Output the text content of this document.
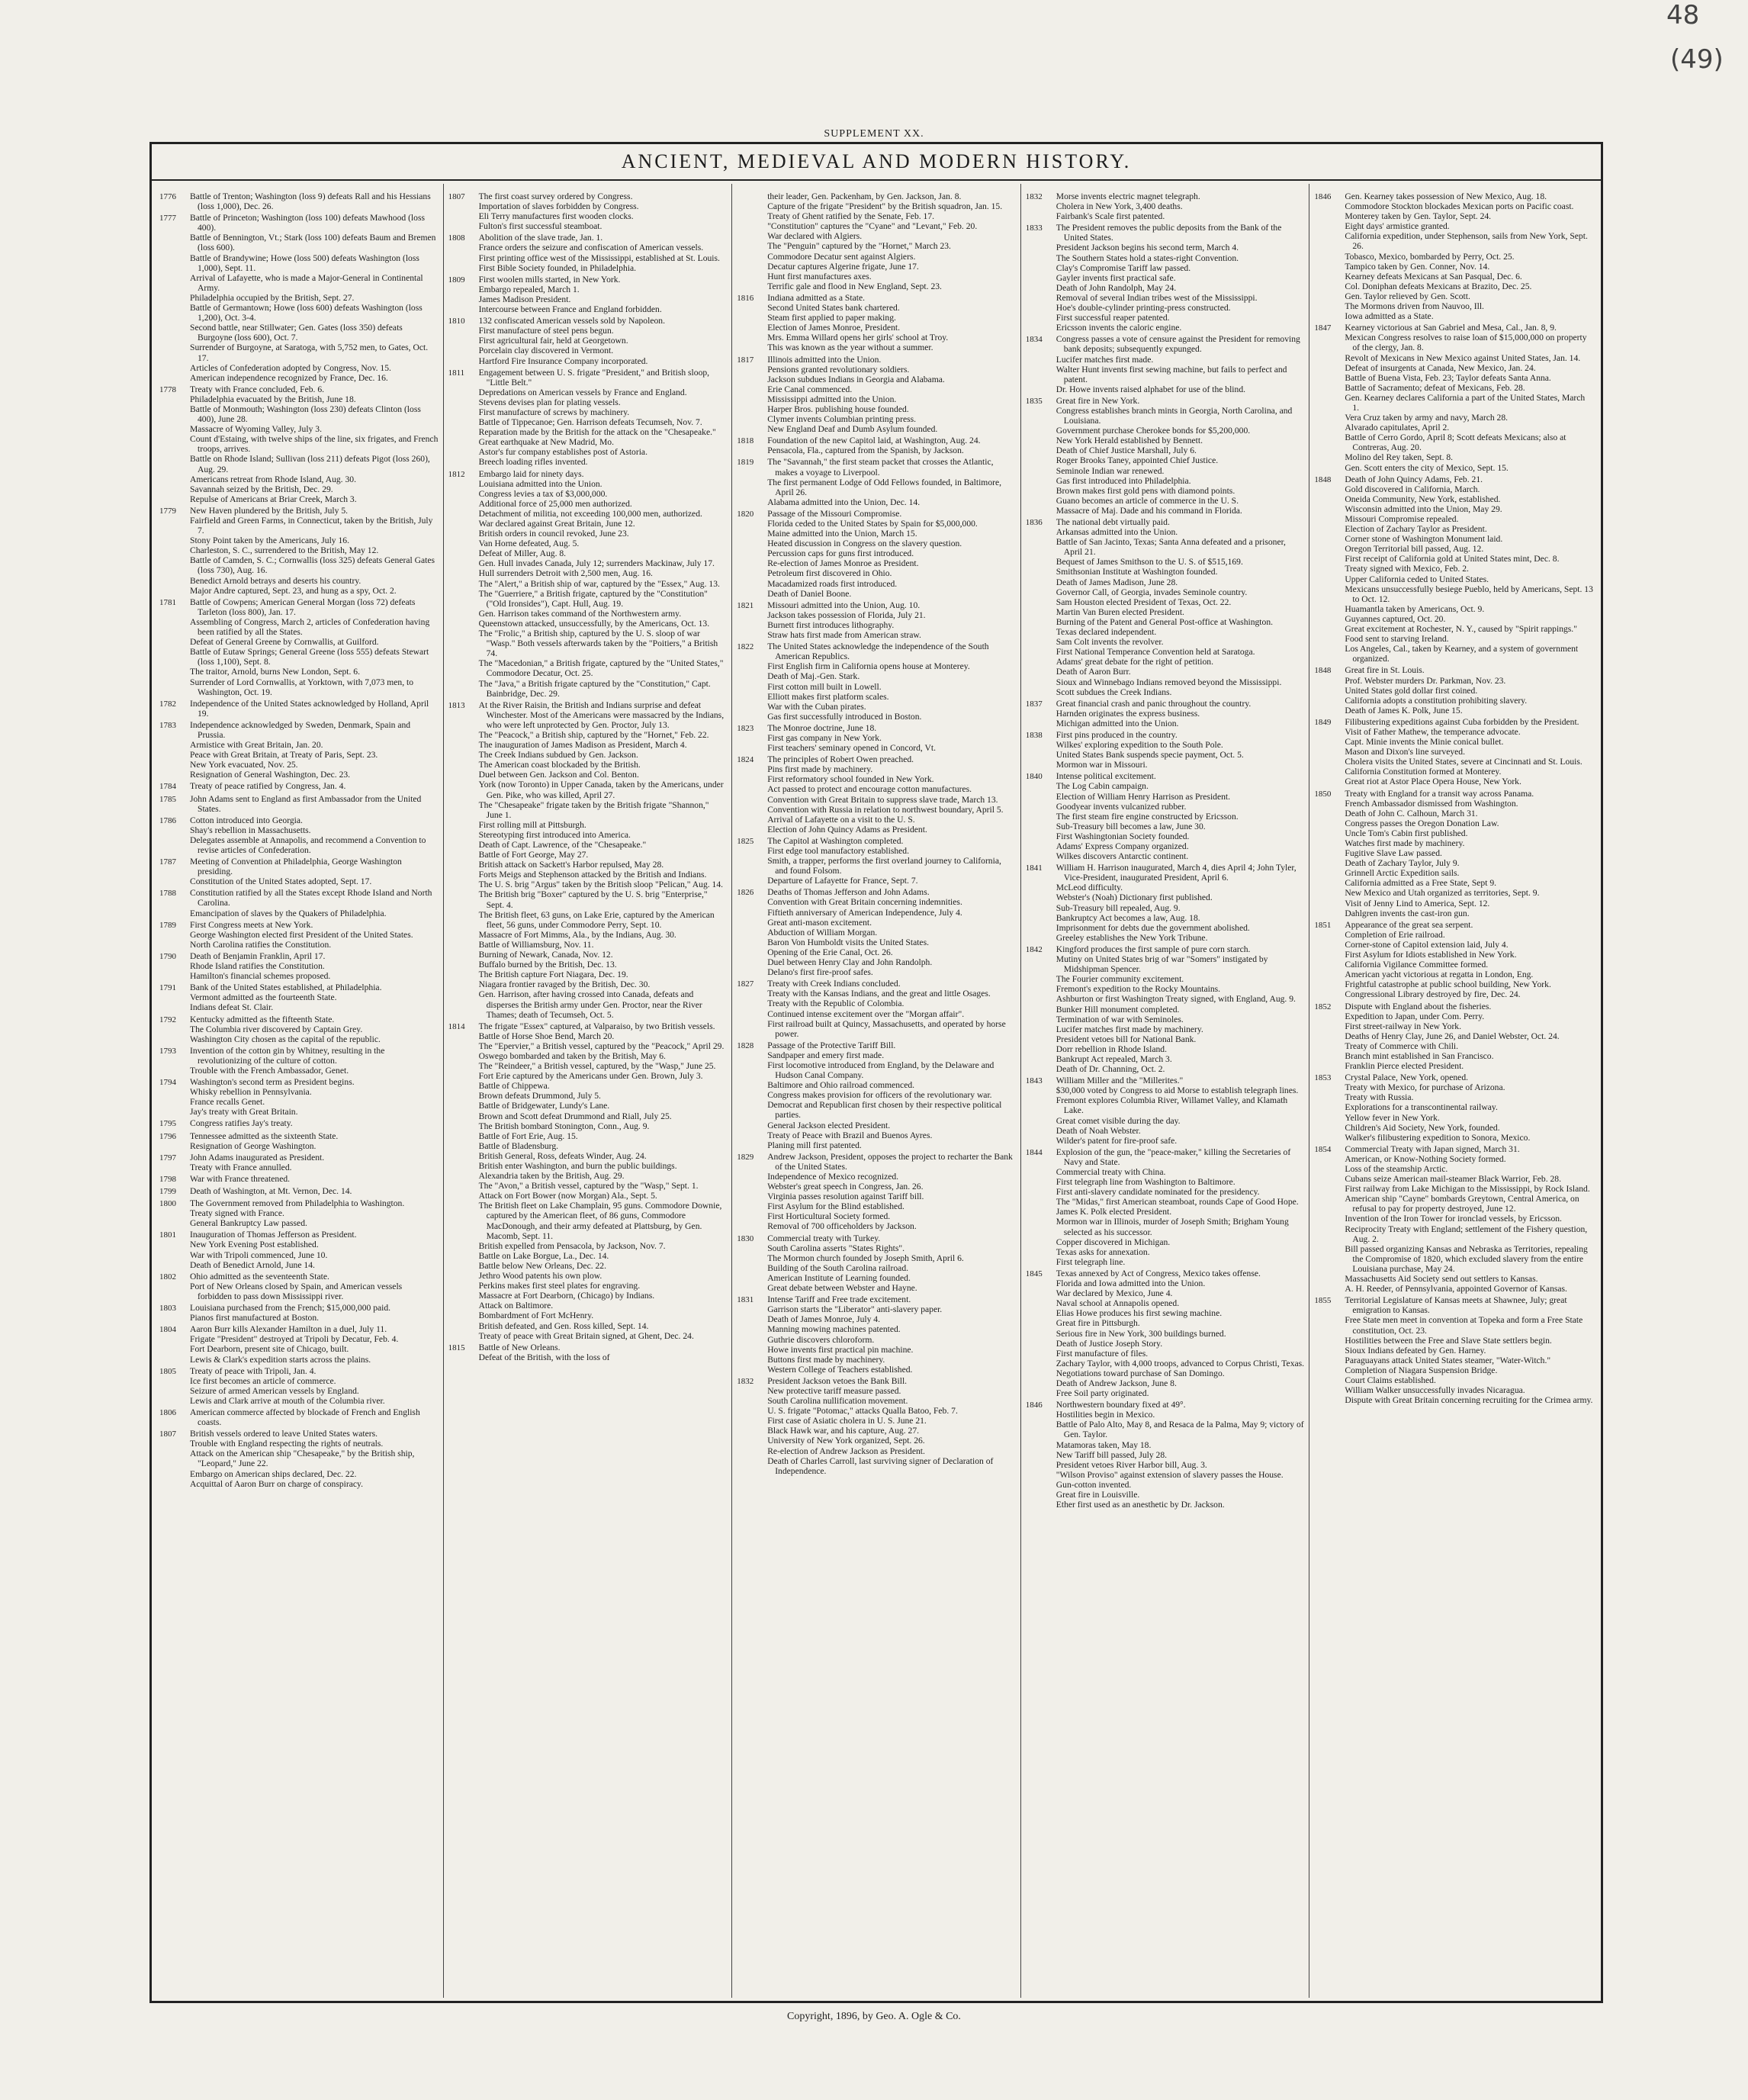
48
(49)
SUPPLEMENT XX.
ANCIENT, MEDIEVAL AND MODERN HISTORY.
1776	Battle of Trenton; Washington (loss 9) defeats Rall and his Hessians (loss 1,000), Dec. 26.

1777	Battle of Princeton; Washington (loss 100) defeats Mawhood (loss 400).

Battle of Bennington, Vt.; Stark (loss 100) defeats Baum and Bremen (loss 600).

Battle of Brandywine; Howe (loss 500) defeats Washington (loss 1,000), Sept. 11.

Arrival of Lafayette, who is made a Major-General in Continental Army.

Philadelphia occupied by the British, Sept. 27.

Battle of Germantown; Howe (loss 600) defeats Washington (loss 1,200), Oct. 3-4.

Second battle, near Stillwater; Gen. Gates (loss 350) defeats Burgoyne (loss 600), Oct. 7.

Surrender of Burgoyne, at Saratoga, with 5,752 men, to Gates, Oct. 17.

Articles of Confederation adopted by Congress, Nov. 15.

American independence recognized by France, Dec. 16.

1778	Treaty with France concluded, Feb. 6.

Philadelphia evacuated by the British, June 18.

Battle of Monmouth; Washington (loss 230) defeats Clinton (loss 400), June 28.

Massacre of Wyoming Valley, July 3.

Count d'Estaing, with twelve ships of the line, six frigates, and French troops, arrives.

Battle on Rhode Island; Sullivan (loss 211) defeats Pigot (loss 260), Aug. 29.

Americans retreat from Rhode Island, Aug. 30.

Savannah seized by the British, Dec. 29.

Repulse of Americans at Briar Creek, March 3.

1779	New Haven plundered by the British, July 5.

Fairfield and Green Farms, in Connecticut, taken by the British, July 7.

Stony Point taken by the Americans, July 16.

Charleston, S. C., surrendered to the British, May 12.

Battle of Camden, S. C.; Cornwallis (loss 325) defeats General Gates (loss 730), Aug. 16.

Benedict Arnold betrays and deserts his country.

Major Andre captured, Sept. 23, and hung as a spy, Oct. 2.

1781	Battle of Cowpens; American General Morgan (loss 72) defeats Tarleton (loss 800), Jan. 17.

Assembling of Congress, March 2, articles of Confederation having been ratified by all the States.

Defeat of General Greene by Cornwallis, at Guilford.

Battle of Eutaw Springs; General Greene (loss 555) defeats Stewart (loss 1,100), Sept. 8.

The traitor, Arnold, burns New London, Sept. 6.

Surrender of Lord Cornwallis, at Yorktown, with 7,073 men, to Washington, Oct. 19.

1782	Independence of the United States acknowledged by Holland, April 19.

1783	Independence acknowledged by Sweden, Denmark, Spain and Prussia.

Armistice with Great Britain, Jan. 20.

Peace with Great Britain, at Treaty of Paris, Sept. 23.

New York evacuated, Nov. 25.

Resignation of General Washington, Dec. 23.

1784	Treaty of peace ratified by Congress, Jan. 4.

1785	John Adams sent to England as first Ambassador from the United States.

1786	Cotton introduced into Georgia.

Shay's rebellion in Massachusetts.

Delegates assemble at Annapolis, and recommend a Convention to revise articles of Confederation.

1787	Meeting of Convention at Philadelphia, George Washington presiding.

Constitution of the United States adopted, Sept. 17.

1788	Constitution ratified by all the States except Rhode Island and North Carolina.

Emancipation of slaves by the Quakers of Philadelphia.

1789	First Congress meets at New York.

George Washington elected first President of the United States.

North Carolina ratifies the Constitution.

1790	Death of Benjamin Franklin, April 17.

Rhode Island ratifies the Constitution.

Hamilton's financial schemes proposed.

1791	Bank of the United States established, at Philadelphia.

Vermont admitted as the fourteenth State.

Indians defeat St. Clair.

1792	Kentucky admitted as the fifteenth State.

The Columbia river discovered by Captain Grey.

Washington City chosen as the capital of the republic.

1793	Invention of the cotton gin by Whitney, resulting in the revolutionizing of the culture of cotton.

Trouble with the French Ambassador, Genet.

1794	Washington's second term as President begins.

Whisky rebellion in Pennsylvania.

France recalls Genet.

Jay's treaty with Great Britain.

1795	Congress ratifies Jay's treaty.

1796	Tennessee admitted as the sixteenth State.

Resignation of George Washington.

1797	John Adams inaugurated as President.

Treaty with France annulled.

1798	War with France threatened.

1799	Death of Washington, at Mt. Vernon, Dec. 14.

1800	The Government removed from Philadelphia to Washington.

Treaty signed with France.

General Bankruptcy Law passed.

1801	Inauguration of Thomas Jefferson as President.

New York Evening Post established.

War with Tripoli commenced, June 10.

Death of Benedict Arnold, June 14.

1802	Ohio admitted as the seventeenth State.

Port of New Orleans closed by Spain, and American vessels forbidden to pass down Mississippi river.

1803	Louisiana purchased from the French; $15,000,000 paid.

Pianos first manufactured at Boston.

1804	Aaron Burr kills Alexander Hamilton in a duel, July 11.

Frigate "President" destroyed at Tripoli by Decatur, Feb. 4.

Fort Dearborn, present site of Chicago, built.

Lewis & Clark's expedition starts across the plains.

1805	Treaty of peace with Tripoli, Jan. 4.

Ice first becomes an article of commerce.

Seizure of armed American vessels by England.

Lewis and Clark arrive at mouth of the Columbia river.

1806	American commerce affected by blockade of French and English coasts.

1807	British vessels ordered to leave United States waters.

Trouble with England respecting the rights of neutrals.

Attack on the American ship "Chesapeake," by the British ship, "Leopard," June 22.

Embargo on American ships declared, Dec. 22.

Acquittal of Aaron Burr on charge of conspiracy.

1807	The first coast survey ordered by Congress.

Importation of slaves forbidden by Congress.

Eli Terry manufactures first wooden clocks.

Fulton's first successful steamboat.

1808	Abolition of the slave trade, Jan. 1.

France orders the seizure and confiscation of American vessels.

First printing office west of the Mississippi, established at St. Louis.

First Bible Society founded, in Philadelphia.

1809	First woolen mills started, in New York.

Embargo repealed, March 1.

James Madison President.

Intercourse between France and England forbidden.

1810	132 confiscated American vessels sold by Napoleon.

First manufacture of steel pens begun.

First agricultural fair, held at Georgetown.

Porcelain clay discovered in Vermont.

Hartford Fire Insurance Company incorporated.

1811	Engagement between U. S. frigate "President," and British sloop, "Little Belt."

Depredations on American vessels by France and England.

Stevens devises plan for plating vessels.

First manufacture of screws by machinery.

Battle of Tippecanoe; Gen. Harrison defeats Tecumseh, Nov. 7.

Reparation made by the British for the attack on the "Chesapeake."

Great earthquake at New Madrid, Mo.

Astor's fur company establishes post of Astoria.

Breech loading rifles invented.

1812	Embargo laid for ninety days.

Louisiana admitted into the Union.

Congress levies a tax of $3,000,000.

Additional force of 25,000 men authorized.

Detachment of militia, not exceeding 100,000 men, authorized.

War declared against Great Britain, June 12.

British orders in council revoked, June 23.

Van Horne defeated, Aug. 5.

Defeat of Miller, Aug. 8.

Gen. Hull invades Canada, July 12; surrenders Mackinaw, July 17.

Hull surrenders Detroit with 2,500 men, Aug. 16.

The "Alert," a British ship of war, captured by the "Essex," Aug. 13.

The "Guerriere," a British frigate, captured by the "Constitution" ("Old Ironsides"), Capt. Hull, Aug. 19.

Gen. Harrison takes command of the Northwestern army.

Queenstown attacked, unsuccessfully, by the Americans, Oct. 13.

The "Frolic," a British ship, captured by the U. S. sloop of war "Wasp." Both vessels afterwards taken by the "Poitiers," a British 74.

The "Macedonian," a British frigate, captured by the "United States," Commodore Decatur, Oct. 25.

The "Java," a British frigate captured by the "Constitution," Capt. Bainbridge, Dec. 29.

1813	At the River Raisin, the British and Indians surprise and defeat Winchester. Most of the Americans were massacred by the Indians, who were left unprotected by Gen. Proctor, July 13.

The "Peacock," a British ship, captured by the "Hornet," Feb. 22.

The inauguration of James Madison as President, March 4.

The Creek Indians subdued by Gen. Jackson.

The American coast blockaded by the British.

Duel between Gen. Jackson and Col. Benton.

York (now Toronto) in Upper Canada, taken by the Americans, under Gen. Pike, who was killed, April 27.

The "Chesapeake" frigate taken by the British frigate "Shannon," June 1.

First rolling mill at Pittsburgh.

Stereotyping first introduced into America.

Death of Capt. Lawrence, of the "Chesapeake."

Battle of Fort George, May 27.

British attack on Sackett's Harbor repulsed, May 28.

Forts Meigs and Stephenson attacked by the British and Indians.

The U. S. brig "Argus" taken by the British sloop "Pelican," Aug. 14.

The British brig "Boxer" captured by the U. S. brig "Enterprise," Sept. 4.

The British fleet, 63 guns, on Lake Erie, captured by the American fleet, 56 guns, under Commodore Perry, Sept. 10.

Massacre of Fort Mimms, Ala., by the Indians, Aug. 30.

Battle of Williamsburg, Nov. 11.

Burning of Newark, Canada, Nov. 12.

Buffalo burned by the British, Dec. 13.

The British capture Fort Niagara, Dec. 19.

Niagara frontier ravaged by the British, Dec. 30.

Gen. Harrison, after having crossed into Canada, defeats and disperses the British army under Gen. Proctor, near the River Thames; death of Tecumseh, Oct. 5.

1814	The frigate "Essex" captured, at Valparaiso, by two British vessels.

Battle of Horse Shoe Bend, March 20.

The "Epervier," a British vessel, captured by the "Peacock," April 29.

Oswego bombarded and taken by the British, May 6.

The "Reindeer," a British vessel, captured, by the "Wasp," June 25.

Fort Erie captured by the Americans under Gen. Brown, July 3.

Battle of Chippewa.

Brown defeats Drummond, July 5.

Battle of Bridgewater, Lundy's Lane.

Brown and Scott defeat Drummond and Riall, July 25.

The British bombard Stonington, Conn., Aug. 9.

Battle of Fort Erie, Aug. 15.

Battle of Bladensburg.

British General, Ross, defeats Winder, Aug. 24.

British enter Washington, and burn the public buildings.

Alexandria taken by the British, Aug. 29.

The "Avon," a British vessel, captured by the "Wasp," Sept. 1.

Attack on Fort Bower (now Morgan) Ala., Sept. 5.

The British fleet on Lake Champlain, 95 guns. Commodore Downie, captured by the American fleet, of 86 guns, Commodore MacDonough, and their army defeated at Plattsburg, by Gen. Macomb, Sept. 11.

British expelled from Pensacola, by Jackson, Nov. 7.

Battle on Lake Borgue, La., Dec. 14.

Battle below New Orleans, Dec. 22.

Jethro Wood patents his own plow.

Perkins makes first steel plates for engraving.

Massacre at Fort Dearborn, (Chicago) by Indians.

Attack on Baltimore.

Bombardment of Fort McHenry.

British defeated, and Gen. Ross killed, Sept. 14.

Treaty of peace with Great Britain signed, at Ghent, Dec. 24.

1815	Battle of New Orleans.

Defeat of the British, with the loss of

their leader, Gen. Packenham, by Gen. Jackson, Jan. 8.

Capture of the frigate "President" by the British squadron, Jan. 15.

Treaty of Ghent ratified by the Senate, Feb. 17.

"Constitution" captures the "Cyane" and "Levant," Feb. 20.

War declared with Algiers.

The "Penguin" captured by the "Hornet," March 23.

Commodore Decatur sent against Algiers.

Decatur captures Algerine frigate, June 17.

Hunt first manufactures axes.

Terrific gale and flood in New England, Sept. 23.

1816	Indiana admitted as a State.

Second United States bank chartered.

Steam first applied to paper making.

Election of James Monroe, President.

Mrs. Emma Willard opens her girls' school at Troy.

This was known as the year without a summer.

1817	Illinois admitted into the Union.

Pensions granted revolutionary soldiers.

Jackson subdues Indians in Georgia and Alabama.

Erie Canal commenced.

Mississippi admitted into the Union.

Harper Bros. publishing house founded.

Clymer invents Columbian printing press.

New England Deaf and Dumb Asylum founded.

1818	Foundation of the new Capitol laid, at Washington, Aug. 24.

Pensacola, Fla., captured from the Spanish, by Jackson.

1819	The "Savannah," the first steam packet that crosses the Atlantic, makes a voyage to Liverpool.

The first permanent Lodge of Odd Fellows founded, in Baltimore, April 26.

Alabama admitted into the Union, Dec. 14.

1820	Passage of the Missouri Compromise.

Florida ceded to the United States by Spain for $5,000,000.

Maine admitted into the Union, March 15.

Heated discussion in Congress on the slavery question.

Percussion caps for guns first introduced.

Re-election of James Monroe as President.

Petroleum first discovered in Ohio.

Macadamized roads first introduced.

Death of Daniel Boone.

1821	Missouri admitted into the Union, Aug. 10.

Jackson takes possession of Florida, July 21.

Burnett first introduces lithography.

Straw hats first made from American straw.

1822	The United States acknowledge the independence of the South American Republics.

First English firm in California opens house at Monterey.

Death of Maj.-Gen. Stark.

First cotton mill built in Lowell.

Elliott makes first platform scales.

War with the Cuban pirates.

Gas first successfully introduced in Boston.

1823	The Monroe doctrine, June 18.

First gas company in New York.

First teachers' seminary opened in Concord, Vt.

1824	The principles of Robert Owen preached.

Pins first made by machinery.

First reformatory school founded in New York.

Act passed to protect and encourage cotton manufactures.

Convention with Great Britain to suppress slave trade, March 13.

Convention with Russia in relation to northwest boundary, April 5.

Arrival of Lafayette on a visit to the U. S.

Election of John Quincy Adams as President.

1825	The Capitol at Washington completed.

First edge tool manufactory established.

Smith, a trapper, performs the first overland journey to California, and found Folsom.

Departure of Lafayette for France, Sept. 7.

1826	Deaths of Thomas Jefferson and John Adams.

Convention with Great Britain concerning indemnities.

Fiftieth anniversary of American Independence, July 4.

Great anti-mason excitement.

Abduction of William Morgan.

Baron Von Humboldt visits the United States.

Opening of the Erie Canal, Oct. 26.

Duel between Henry Clay and John Randolph.

Delano's first fire-proof safes.

1827	Treaty with Creek Indians concluded.

Treaty with the Kansas Indians, and the great and little Osages.

Treaty with the Republic of Colombia.

Continued intense excitement over the "Morgan affair".

First railroad built at Quincy, Massachusetts, and operated by horse power.

1828	Passage of the Protective Tariff Bill.

Sandpaper and emery first made.

First locomotive introduced from England, by the Delaware and Hudson Canal Company.

Baltimore and Ohio railroad commenced.

Congress makes provision for officers of the revolutionary war.

Democrat and Republican first chosen by their respective political parties.

General Jackson elected President.

Treaty of Peace with Brazil and Buenos Ayres.

Planing mill first patented.

1829	Andrew Jackson, President, opposes the project to recharter the Bank of the United States.

Independence of Mexico recognized.

Webster's great speech in Congress, Jan. 26.

Virginia passes resolution against Tariff bill.

First Asylum for the Blind established.

First Horticultural Society formed.

Removal of 700 officeholders by Jackson.

1830	Commercial treaty with Turkey.

South Carolina asserts "States Rights".

The Mormon church founded by Joseph Smith, April 6.

Building of the South Carolina railroad.

American Institute of Learning founded.

Great debate between Webster and Hayne.

1831	Intense Tariff and Free trade excitement.

Garrison starts the "Liberator" anti-slavery paper.

Death of James Monroe, July 4.

Manning mowing machines patented.

Guthrie discovers chloroform.

Howe invents first practical pin machine.

Buttons first made by machinery.

Western College of Teachers established.

1832	President Jackson vetoes the Bank Bill.

New protective tariff measure passed.

South Carolina nullification movement.

U. S. frigate "Potomac," attacks Qualla Batoo, Feb. 7.

First case of Asiatic cholera in U. S. June 21.

Black Hawk war, and his capture, Aug. 27.

University of New York organized, Sept. 26.

Re-election of Andrew Jackson as President.

Death of Charles Carroll, last surviving signer of Declaration of Independence.

1832	Morse invents electric magnet telegraph.

Cholera in New York, 3,400 deaths.

Fairbank's Scale first patented.

1833	The President removes the public deposits from the Bank of the United States.

President Jackson begins his second term, March 4.

The Southern States hold a states-right Convention.

Clay's Compromise Tariff law passed.

Gayler invents first practical safe.

Death of John Randolph, May 24.

Removal of several Indian tribes west of the Mississippi.

Hoe's double-cylinder printing-press constructed.

First successful reaper patented.

Ericsson invents the caloric engine.

1834	Congress passes a vote of censure against the President for removing bank deposits; subsequently expunged.

Lucifer matches first made.

Walter Hunt invents first sewing machine, but fails to perfect and patent.

Dr. Howe invents raised alphabet for use of the blind.

1835	Great fire in New York.

Congress establishes branch mints in Georgia, North Carolina, and Louisiana.

Government purchase Cherokee bonds for $5,200,000.

New York Herald established by Bennett.

Death of Chief Justice Marshall, July 6.

Roger Brooks Taney, appointed Chief Justice.

Seminole Indian war renewed.

Gas first introduced into Philadelphia.

Brown makes first gold pens with diamond points.

Guano becomes an article of commerce in the U. S.

Massacre of Maj. Dade and his command in Florida.

1836	The national debt virtually paid.

Arkansas admitted into the Union.

Battle of San Jacinto, Texas; Santa Anna defeated and a prisoner, April 21.

Bequest of James Smithson to the U. S. of $515,169.

Smithsonian Institute at Washington founded.

Death of James Madison, June 28.

Governor Call, of Georgia, invades Seminole country.

Sam Houston elected President of Texas, Oct. 22.

Martin Van Buren elected President.

Burning of the Patent and General Post-office at Washington.

Texas declared independent.

Sam Colt invents the revolver.

First National Temperance Convention held at Saratoga.

Adams' great debate for the right of petition.

Death of Aaron Burr.

Sioux and Winnebago Indians removed beyond the Mississippi.

Scott subdues the Creek Indians.

1837	Great financial crash and panic throughout the country.

Harnden originates the express business.

Michigan admitted into the Union.

1838	First pins produced in the country.

Wilkes' exploring expedition to the South Pole.

United States Bank suspends specie payment, Oct. 5.

Mormon war in Missouri.

1840	Intense political excitement.

The Log Cabin campaign.

Election of William Henry Harrison as President.

Goodyear invents vulcanized rubber.

The first steam fire engine constructed by Ericsson.

Sub-Treasury bill becomes a law, June 30.

First Washingtonian Society founded.

Adams' Express Company organized.

Wilkes discovers Antarctic continent.

1841	William H. Harrison inaugurated, March 4, dies April 4; John Tyler, Vice-President, inaugurated President, April 6.

McLeod difficulty.

Webster's (Noah) Dictionary first published.

Sub-Treasury bill repealed, Aug. 9.

Bankruptcy Act becomes a law, Aug. 18.

Imprisonment for debts due the government abolished.

Greeley establishes the New York Tribune.

1842	Kingford produces the first sample of pure corn starch.

Mutiny on United States brig of war "Somers" instigated by Midshipman Spencer.

The Fourier community excitement.

Fremont's expedition to the Rocky Mountains.

Ashburton or first Washington Treaty signed, with England, Aug. 9.

Bunker Hill monument completed.

Termination of war with Seminoles.

Lucifer matches first made by machinery.

President vetoes bill for National Bank.

Dorr rebellion in Rhode Island.

Bankrupt Act repealed, March 3.

Death of Dr. Channing, Oct. 2.

1843	William Miller and the "Millerites."

$30,000 voted by Congress to aid Morse to establish telegraph lines.

Fremont explores Columbia River, Willamet Valley, and Klamath Lake.

Great comet visible during the day.

Death of Noah Webster.

Wilder's patent for fire-proof safe.

1844	Explosion of the gun, the "peace-maker," killing the Secretaries of Navy and State.

Commercial treaty with China.

First telegraph line from Washington to Baltimore.

First anti-slavery candidate nominated for the presidency.

The "Midas," first American steamboat, rounds Cape of Good Hope.

James K. Polk elected President.

Mormon war in Illinois, murder of Joseph Smith; Brigham Young selected as his successor.

Copper discovered in Michigan.

Texas asks for annexation.

First telegraph line.

1845	Texas annexed by Act of Congress, Mexico takes offense.

Florida and Iowa admitted into the Union.

War declared by Mexico, June 4.

Naval school at Annapolis opened.

Elias Howe produces his first sewing machine.

Great fire in Pittsburgh.

Serious fire in New York, 300 buildings burned.

Death of Justice Joseph Story.

First manufacture of files.

Zachary Taylor, with 4,000 troops, advanced to Corpus Christi, Texas.

Negotiations toward purchase of San Domingo.

Death of Andrew Jackson, June 8.

Free Soil party originated.

1846	Northwestern boundary fixed at 49°.

Hostilities begin in Mexico.

Battle of Palo Alto, May 8, and Resaca de la Palma, May 9; victory of Gen. Taylor.

Matamoras taken, May 18.

New Tariff bill passed, July 28.

President vetoes River Harbor bill, Aug. 3.

"Wilson Proviso" against extension of slavery passes the House.

Gun-cotton invented.

Great fire in Louisville.

Ether first used as an anesthetic by Dr. Jackson.

1846	Gen. Kearney takes possession of New Mexico, Aug. 18.

Commodore Stockton blockades Mexican ports on Pacific coast.

Monterey taken by Gen. Taylor, Sept. 24.

Eight days' armistice granted.

California expedition, under Stephenson, sails from New York, Sept. 26.

Tobasco, Mexico, bombarded by Perry, Oct. 25.

Tampico taken by Gen. Conner, Nov. 14.

Kearney defeats Mexicans at San Pasqual, Dec. 6.

Col. Doniphan defeats Mexicans at Brazito, Dec. 25.

Gen. Taylor relieved by Gen. Scott.

The Mormons driven from Nauvoo, Ill.

Iowa admitted as a State.

1847	Kearney victorious at San Gabriel and Mesa, Cal., Jan. 8, 9.

Mexican Congress resolves to raise loan of $15,000,000 on property of the clergy, Jan. 8.

Revolt of Mexicans in New Mexico against United States, Jan. 14.

Defeat of insurgents at Canada, New Mexico, Jan. 24.

Battle of Buena Vista, Feb. 23; Taylor defeats Santa Anna.

Battle of Sacramento; defeat of Mexicans, Feb. 28.

Gen. Kearney declares California a part of the United States, March 1.

Vera Cruz taken by army and navy, March 28.

Alvarado capitulates, April 2.

Battle of Cerro Gordo, April 8; Scott defeats Mexicans; also at Contreras, Aug. 20.

Molino del Rey taken, Sept. 8.

Gen. Scott enters the city of Mexico, Sept. 15.

1848	Death of John Quincy Adams, Feb. 21.

Gold discovered in California, March.

Oneida Community, New York, established.

Wisconsin admitted into the Union, May 29.

Missouri Compromise repealed.

Election of Zachary Taylor as President.

Corner stone of Washington Monument laid.

Oregon Territorial bill passed, Aug. 12.

First receipt of California gold at United States mint, Dec. 8.

Treaty signed with Mexico, Feb. 2.

Upper California ceded to United States.

Mexicans unsuccessfully besiege Pueblo, held by Americans, Sept. 13 to Oct. 12.

Huamantla taken by Americans, Oct. 9.

Guyannes captured, Oct. 20.

Great excitement at Rochester, N. Y., caused by "Spirit rappings."

Food sent to starving Ireland.

Los Angeles, Cal., taken by Kearney, and a system of government organized.

1848	Great fire in St. Louis.

Prof. Webster murders Dr. Parkman, Nov. 23.

United States gold dollar first coined.

California adopts a constitution prohibiting slavery.

Death of James K. Polk, June 15.

1849	Filibustering expeditions against Cuba forbidden by the President.

Visit of Father Mathew, the temperance advocate.

Capt. Minie invents the Minie conical bullet.

Mason and Dixon's line surveyed.

Cholera visits the United States, severe at Cincinnati and St. Louis.

California Constitution formed at Monterey.

Great riot at Astor Place Opera House, New York.

1850	Treaty with England for a transit way across Panama.

French Ambassador dismissed from Washington.

Death of John C. Calhoun, March 31.

Congress passes the Oregon Donation Law.

Uncle Tom's Cabin first published.

Watches first made by machinery.

Fugitive Slave Law passed.

Death of Zachary Taylor, July 9.

Grinnell Arctic Expedition sails.

California admitted as a Free State, Sept 9.

New Mexico and Utah organized as territories, Sept. 9.

Visit of Jenny Lind to America, Sept. 12.

Dahlgren invents the cast-iron gun.

1851	Appearance of the great sea serpent.

Completion of Erie railroad.

Corner-stone of Capitol extension laid, July 4.

First Asylum for Idiots established in New York.

California Vigilance Committee formed.

American yacht victorious at regatta in London, Eng.

Frightful catastrophe at public school building, New York.

Congressional Library destroyed by fire, Dec. 24.

1852	Dispute with England about the fisheries.

Expedition to Japan, under Com. Perry.

First street-railway in New York.

Deaths of Henry Clay, June 26, and Daniel Webster, Oct. 24.

Treaty of Commerce with Chili.

Branch mint established in San Francisco.

Franklin Pierce elected President.

1853	Crystal Palace, New York, opened.

Treaty with Mexico, for purchase of Arizona.

Treaty with Russia.

Explorations for a transcontinental railway.

Yellow fever in New York.

Children's Aid Society, New York, founded.

Walker's filibustering expedition to Sonora, Mexico.

1854	Commercial Treaty with Japan signed, March 31.

American, or Know-Nothing Society formed.

Loss of the steamship Arctic.

Cubans seize American mail-steamer Black Warrior, Feb. 28.

First railway from Lake Michigan to the Mississippi, by Rock Island.

American ship "Cayne" bombards Greytown, Central America, on refusal to pay for property destroyed, June 12.

Invention of the Iron Tower for ironclad vessels, by Ericsson.

Reciprocity Treaty with England; settlement of the Fishery question, Aug. 2.

Bill passed organizing Kansas and Nebraska as Territories, repealing the Compromise of 1820, which excluded slavery from the entire Louisiana purchase, May 24.

Massachusetts Aid Society send out settlers to Kansas.

A. H. Reeder, of Pennsylvania, appointed Governor of Kansas.

1855	Territorial Legislature of Kansas meets at Shawnee, July; great emigration to Kansas.

Free State men meet in convention at Topeka and form a Free State constitution, Oct. 23.

Hostilities between the Free and Slave State settlers begin.

Sioux Indians defeated by Gen. Harney.

Paraguayans attack United States steamer, "Water-Witch."

Completion of Niagara Suspension Bridge.

Court Claims established.

William Walker unsuccessfully invades Nicaragua.

Dispute with Great Britain concerning recruiting for the Crimea army.

Copyright, 1896, by Geo. A. Ogle & Co.
